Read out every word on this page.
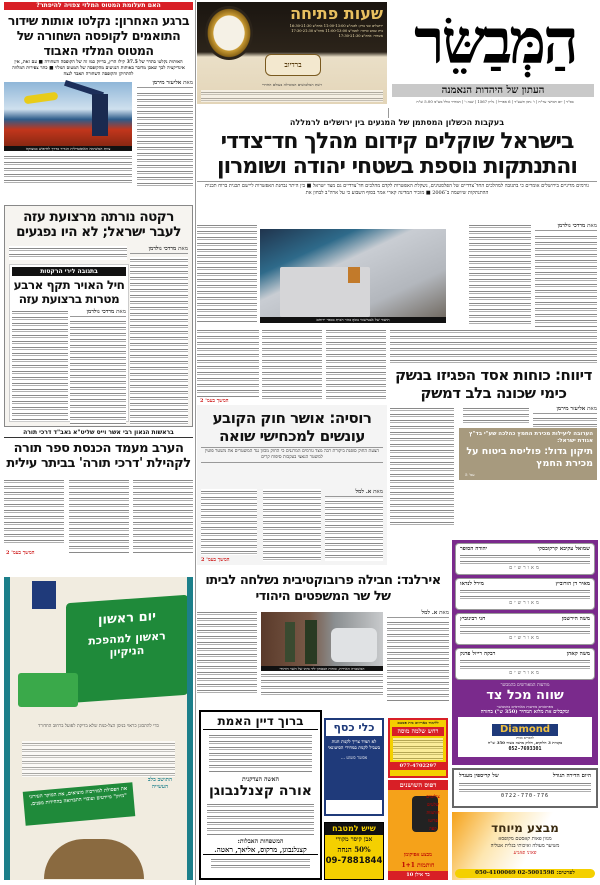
הַמְּבַשֵּׂר
העתון של היהדות הנאמנה
בס"ד | יום חמישי ער"ח | ו' ניסן תשע"ד | 6 אפריל | גליון 1567 | שנה ו' | המחיר כולל מע"מ 5.00 ש"ח
שעות פתיחה
ירושלים ובני ברק: לפנה"צ 11:00-13:00 אחה"צ 16:30-21:30
בית שמש וביתר: לפנה"צ 11:00-13:00 אחה"צ 17:30-21:30
אשדוד: אחה"צ 17:30-21:30
ברדיוב
רשת המלבושים המובילה בעולם החרדי
האם תעלומת המטוס המלזי צפויה להיפתר?
ברגע האחרון: נקלטו אותות שידור התואמים לקופסה השחורה של המטוס המלזי האבוד
האותות נקלטו בתדר של 37.5 קילו הרץ, בדיוק כמו זה של הקופסה השחורה ■ עם זאת, אין אינדיקציה לכך שאכן מדובר באותות הנגיעים מהקופסה של המטוס המלזי ■ כתר צפירות המלווה להתרוקן והקופסה השחורה תאבד לנצח
מאת אליעזר מירמן
צוות המשימה האוסטרלית הגדיר בדרך לחיפוש במצוקה
רקטה נורתה מרצועת עזה לעבר ישראל; לא היו נפגעים
מאת מרדכי גולדמן
בתגובה לירי הרקטות
חיל האויר תקף ארבע מטרות ברצועת עזה
מאת מרדכי גולדמן
בראשות הגאון רבי אשר וייס שליט"א גאב"ד דרכי תורה
הערב מעמד הכנסת ספר תורה לקהילת 'דרכי תורה' בביתר עילית
המשך בעמ' 2
יום ראשון
ראשון למהפכת הניקיון
כדי להתכונן כראוי בניסן הצל-כמת שלא בדיקת לפועל ברחוב החדורד
את הפסולת למדרכות מוציאים, את המוקד העירוני "מיוק" מיידעים ועובדי התברואה בהחידות מפנים.
התושב בלב העשייה
בעקבות הכשלון המסתמן של המגעים בין ירושלים לרמללה
בישראל שוקלים קידום מהלך חד־צדדי והתנתקות נוספת בשטחי יהודה ושומרון
גורמים מדיניים בירושלים אומרים כי בתגובה למהלכים החד־צדדיים של הפלסטינים, נשקלת האפשרות לקדם מהלכים חד־צדדיים גם מצד ישראל ■ בין היתר נבחנת האפשרות ליישם תכנית ברוח תכנית ההתנתקות שיושמה ב־2006 ■ מזכיר המדינה קארי אמר בסוף השבוע כי על ארה"ב לבחון את
מאת מרדכי גולדמן
תיעוד של אנטישמי נוסף בהר הבית בכפר ירוחם
המשך בעמ' 2
דיווח: כוחות אסד הפגיזו בנשק כימי שכונה בלב דמשק
מאת אליעזר מירמן
הערובה ליעילות מכירת החמץ כהלכה שע"י בד"ץ אגודת ישראל:
תיקון גדול: פוליסת ביטוח על מכירת החמץ
עמ' 5
רוסיה: אושר חוק הקובע עונשים למכחישי שואה
הצעת החוק סופגת ביקורת רבה מצד גורמים המרגנים כי החוק מכוון נגד המשטרים את משטר פוטין למשטר הנאצי בעקבות סיפוח קרים
מאת א. למל
המשך בעמ' 2
אירלנד: חבילה פרובוקטיבית נשלחה לביתו של שר המשפטים היהודי
מאת א. למל
המשטרה האירית, כוחות הבטחון ליד ביתו של השר היהודי
ברוך דיין האמת
האשה הצדקנית
אורה קצנלנבוגן
המשפחות האבלות:
קצנלנבוגן, מרקוס, אליאך, ראטה.
כלי כסף
לא תמיד צריך לקנות חנות בשביל לקנות במחירי הסיטונאי
אפשר פשוט ...
שיש למטבח
אבן קיסר מקורי
50% הנחה
09-7881844
ללימוד באריזים בית פסטם
רחש שלמה מוסה
077-4702297
דפוס השושנים
צילומים
שלטים
חותמות
פרוטו
קפה
מבצע אפיקומן
חותמות 1+1
בר אילן 10
שמואל עקיבא קרקובסקי
יהודה הסופר
מאורשים
מאיר דן הורוביץ
מירל לנדאו
מאורשים
משה הירשמן
חני רבינוביץ
מאורשים
משה קאהן
רבקה רייזל פרנק
מאורשים
מודעות המאורשים בהמבשר
שווה מכל צד
מפרסמים מודעות מאורסים בהמבשר
ומקבלים את מלוא המחיר (350 ש") בחזרה
Diamond
להבריא בבית
בקניית 3 חלוקים, חלוק מתנה בשווי 350 ש"ח
052-7693301
היום הדירה תגודל
של קריספין מענדל
0722-770-776
מבצע מיוחד
מגוון פאות קאסטם מקופסא
משיער מעולה ואיכותי בגלית אטליה
פאוני פאניע
לפרטים: 02-5001598 050-4100069
